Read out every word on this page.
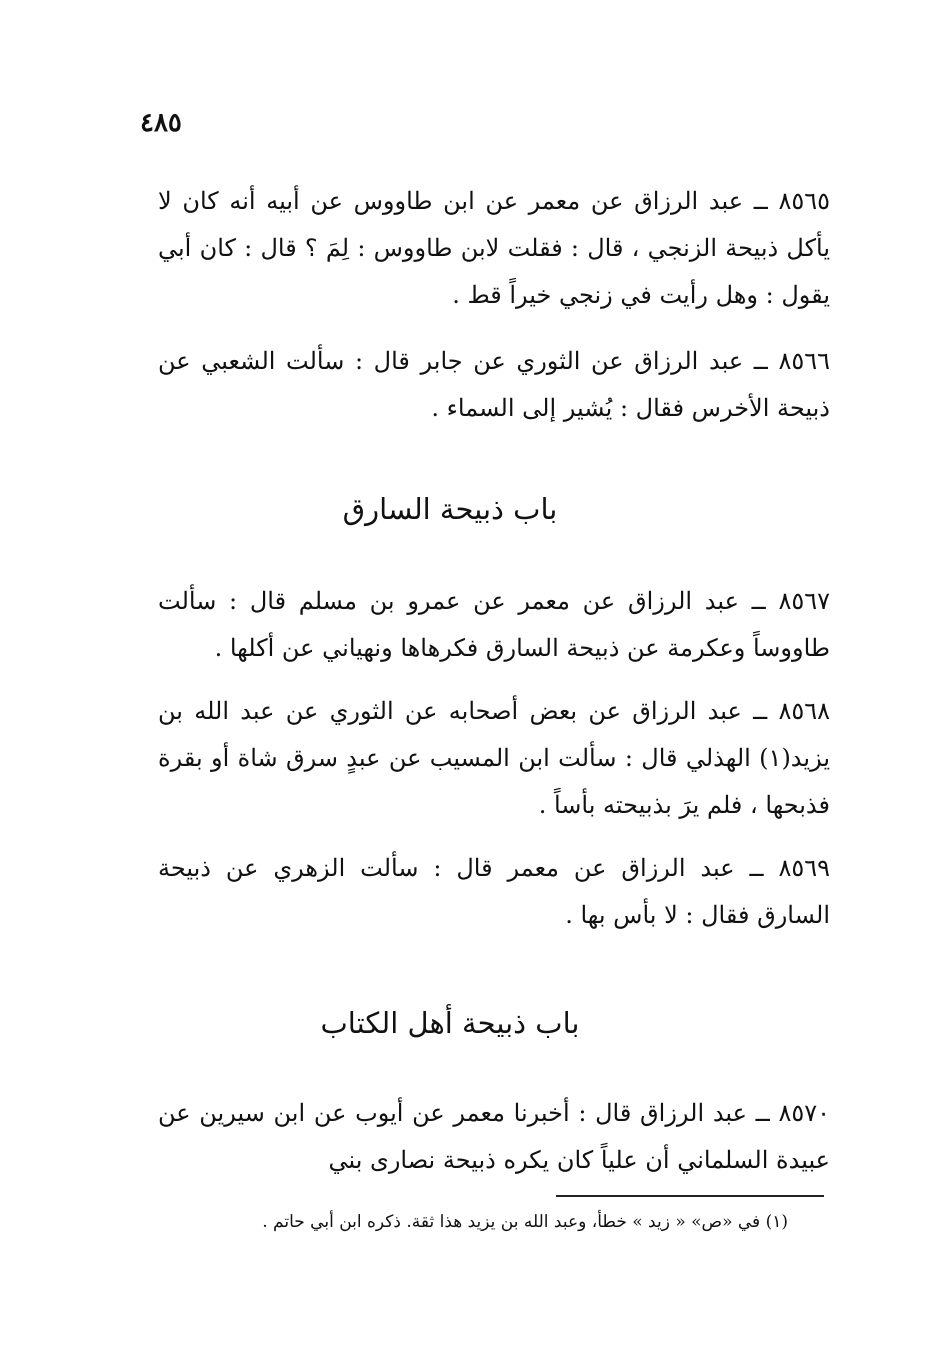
٤٨٥

٨٥٦٥ ــ عبد الرزاق عن معمر عن ابن طاووس عن أبيه أنه كان لا يأكل ذبيحة الزنجي ، قال : فقلت لابن طاووس : لِمَ ؟ قال : كان أبي يقول : وهل رأيت في زنجي خيراً قط .

٨٥٦٦ ــ عبد الرزاق عن الثوري عن جابر قال : سألت الشعبي عن ذبيحة الأخرس فقال : يُشير إلى السماء .

باب ذبيحة السارق

٨٥٦٧ ــ عبد الرزاق عن معمر عن عمرو بن مسلم قال : سألت طاووساً وعكرمة عن ذبيحة السارق فكرهاها ونهياني عن أكلها .

٨٥٦٨ ــ عبد الرزاق عن بعض أصحابه عن الثوري عن عبد الله بن يزيد(١) الهذلي قال : سألت ابن المسيب عن عبدٍ سرق شاة أو بقرة فذبحها ، فلم يرَ بذبيحته بأساً .

٨٥٦٩ ــ عبد الرزاق عن معمر قال : سألت الزهري عن ذبيحة السارق فقال : لا بأس بها .

باب ذبيحة أهل الكتاب

٨٥٧٠ ــ عبد الرزاق قال : أخبرنا معمر عن أيوب عن ابن سيرين عن عبيدة السلماني أن علياً كان يكره ذبيحة نصارى بني

(١) في «ص» « زيد » خطأ، وعبد الله بن يزيد هذا ثقة. ذكره ابن أبي حاتم .
